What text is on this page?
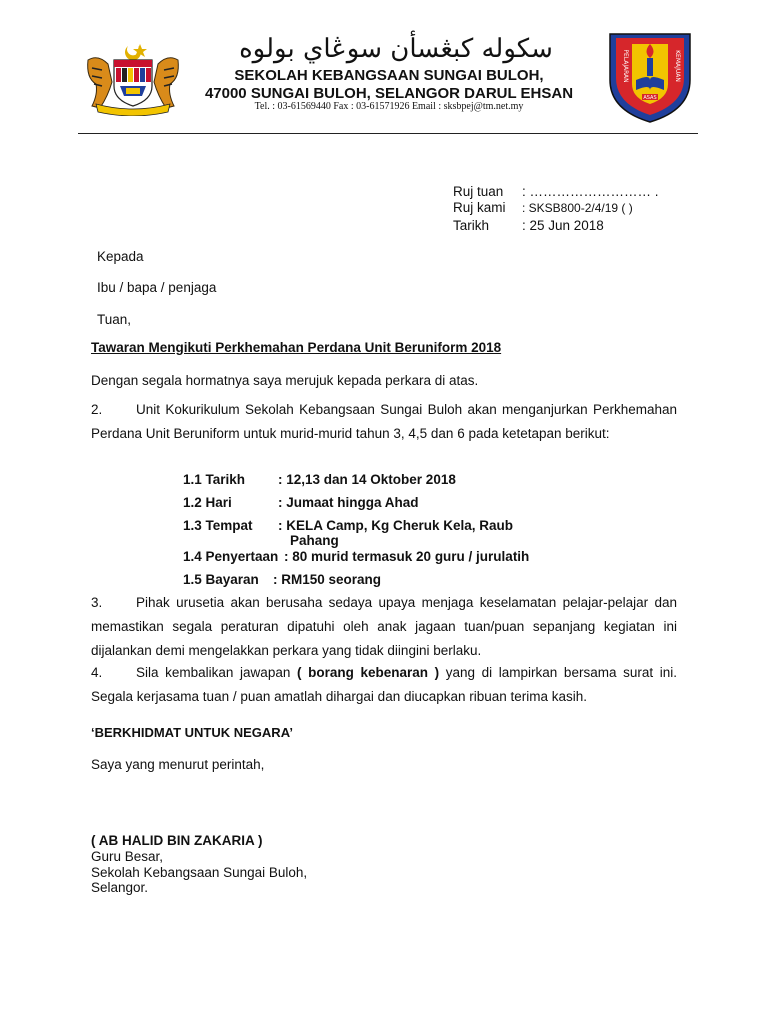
سكوله كبڠسأن سوڠاي بولوه
SEKOLAH KEBANGSAAN SUNGAI BULOH,
47000 SUNGAI BULOH, SELANGOR DARUL EHSAN
Tel. : 03-61569440 Fax : 03-61571926 Email : sksbpej@tm.net.my
ASAS
PELAJARAN	KEMAJUAN
Ruj tuan : ……………………… .
Ruj kami : SKSB800-2/4/19 ( )
Tarikh : 25 Jun 2018
Kepada
Ibu / bapa / penjaga
Tuan,
Tawaran Mengikuti Perkhemahan Perdana Unit Beruniform 2018
Dengan segala hormatnya saya merujuk kepada perkara di atas.
2. Unit Kokurikulum Sekolah Kebangsaan Sungai Buloh akan menganjurkan Perkhemahan Perdana Unit Beruniform untuk murid-murid tahun 3, 4,5 dan 6 pada ketetapan berikut:
1.1 Tarikh : 12,13 dan 14 Oktober 2018
1.2 Hari	: Jumaat hingga Ahad
1.3 Tempat : KELA Camp, Kg Cheruk Kela, Raub
Pahang
1.4 Penyertaan : 80 murid termasuk 20 guru / jurulatih
1.5 Bayaran : RM150 seorang
3. Pihak urusetia akan berusaha sedaya upaya menjaga keselamatan pelajar-pelajar dan memastikan segala peraturan dipatuhi oleh anak jagaan tuan/puan sepanjang kegiatan ini dijalankan demi mengelakkan perkara yang tidak diingini berlaku.
4. Sila kembalikan jawapan ( borang kebenaran ) yang di lampirkan bersama surat ini. Segala kerjasama tuan / puan amatlah dihargai dan diucapkan ribuan terima kasih.
‘BERKHIDMAT UNTUK NEGARA’
Saya yang menurut perintah,
( AB HALID BIN ZAKARIA )
Guru Besar,
Sekolah Kebangsaan Sungai Buloh,
Selangor.
